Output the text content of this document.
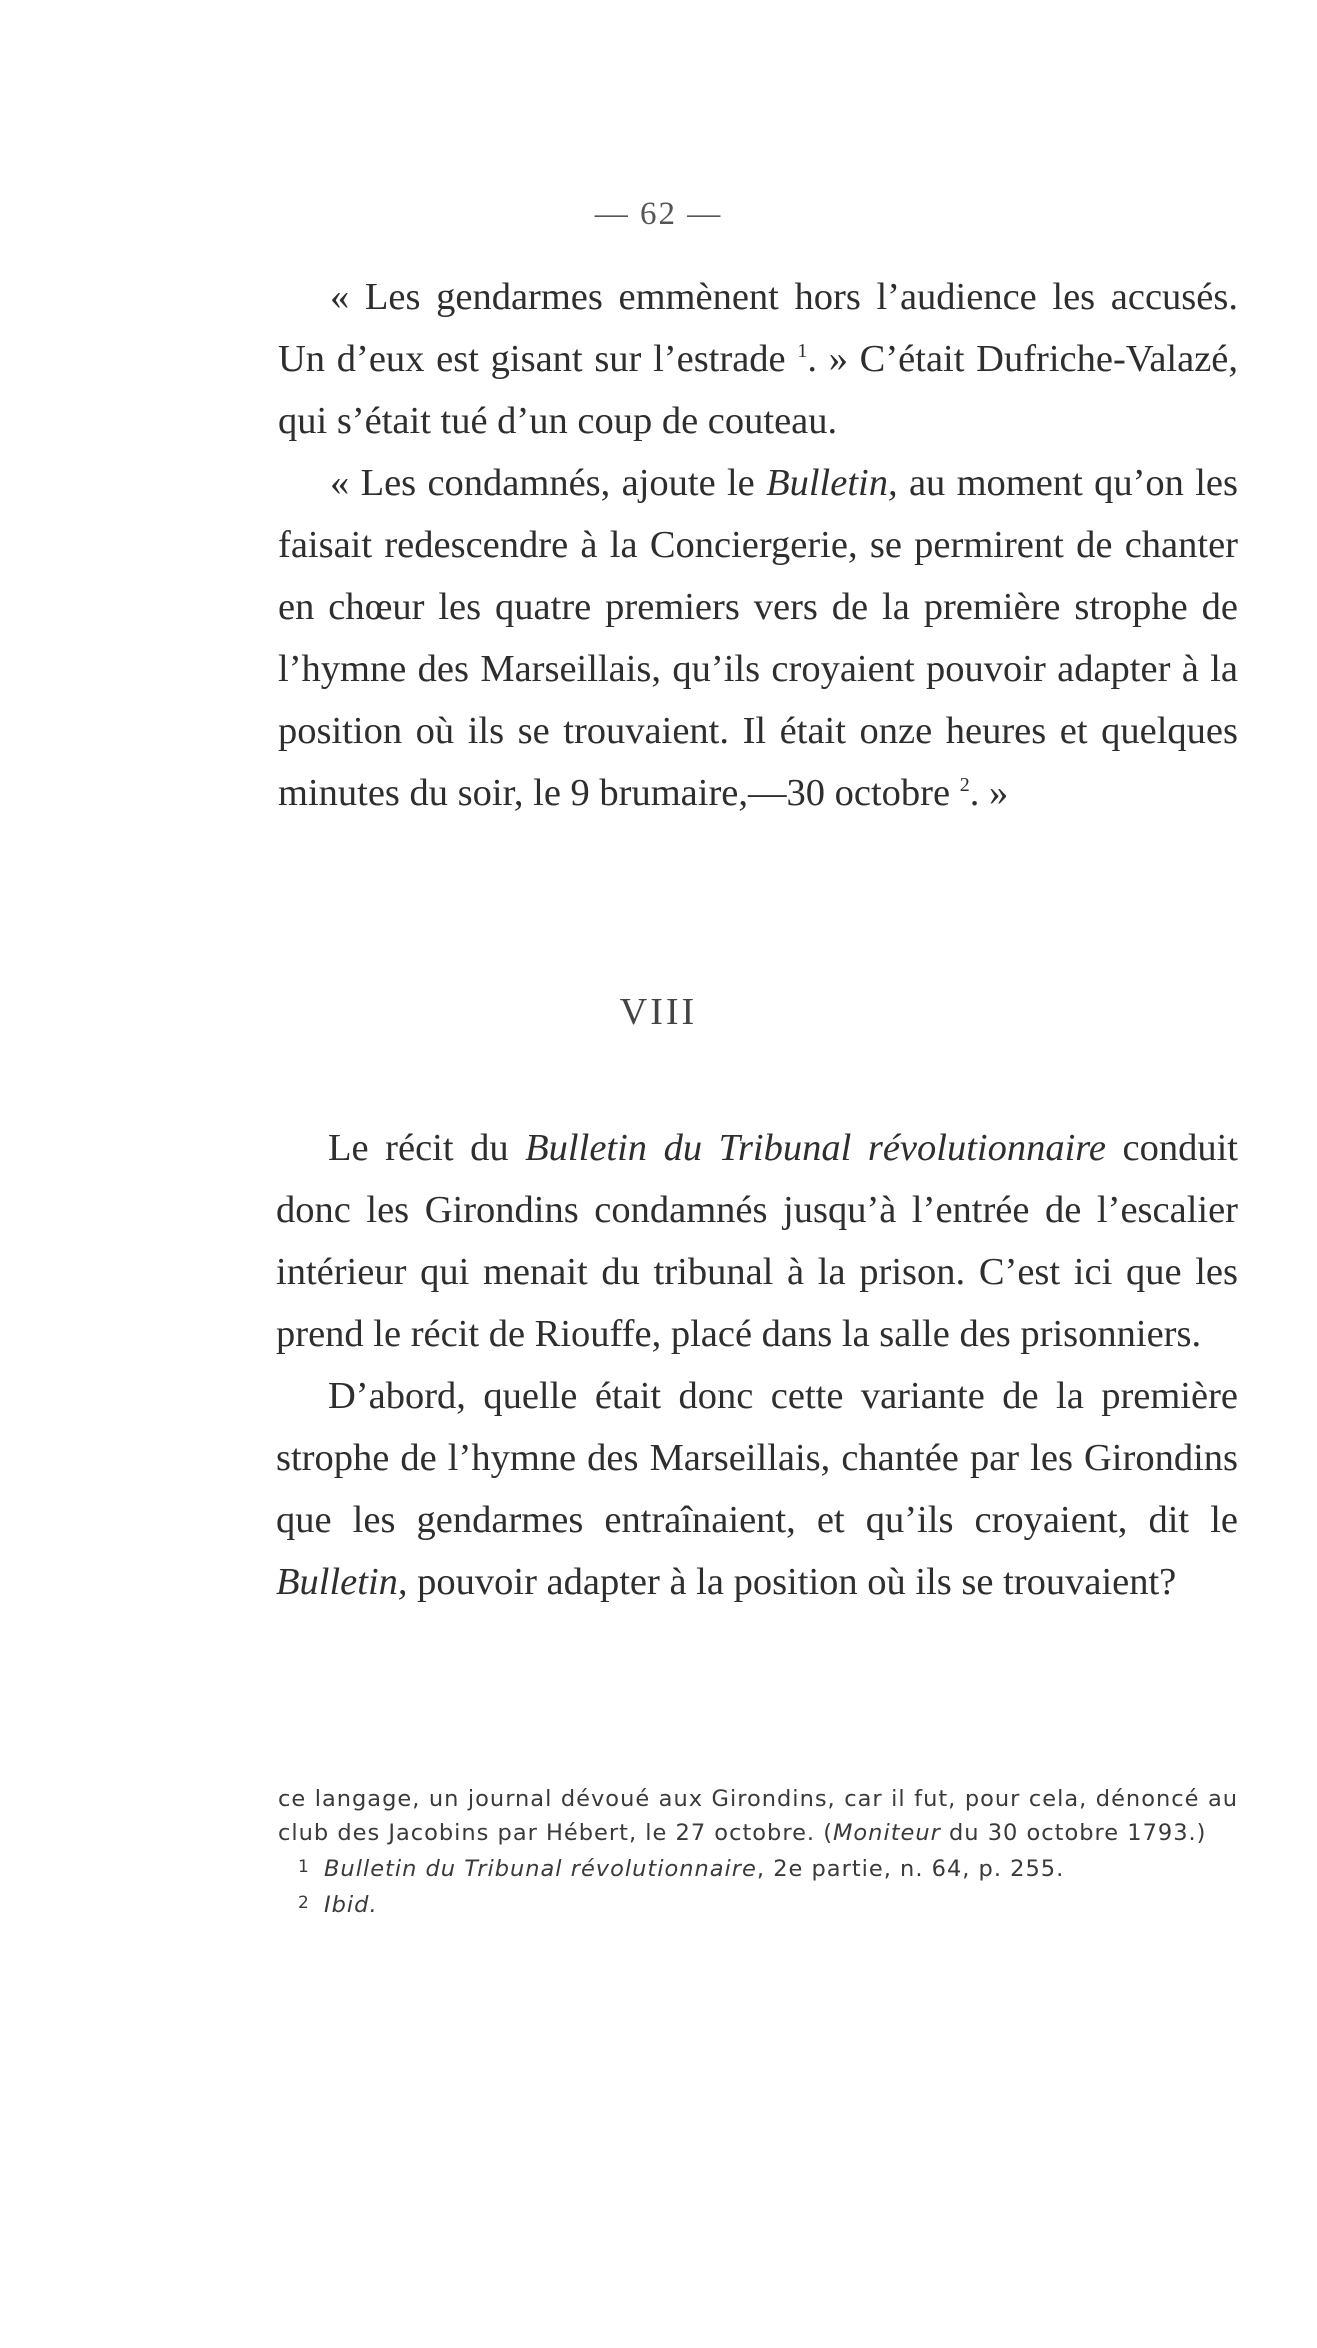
— 62 —

« Les gendarmes emmènent hors l’audience les accusés. Un d’eux est gisant sur l’estrade $^1$. » C’était Dufriche-Valazé, qui s’était tué d’un coup de couteau.

« Les condamnés, ajoute le Bulletin, au moment qu’on les faisait redescendre à la Conciergerie, se permirent de chanter en chœur les quatre premiers vers de la première strophe de l’hymne des Marseillais, qu’ils croyaient pouvoir adapter à la position où ils se trouvaient. Il était onze heures et quelques minutes du soir, le 9 brumaire,—30 octobre $^2$. »

VIII

Le récit du Bulletin du Tribunal révolutionnaire conduit donc les Girondins condamnés jusqu’à l’entrée de l’escalier intérieur qui menait du tribunal à la prison. C’est ici que les prend le récit de Riouffe, placé dans la salle des prisonniers.

D’abord, quelle était donc cette variante de la première strophe de l’hymne des Marseillais, chantée par les Girondins que les gendarmes entraînaient, et qu’ils croyaient, dit le Bulletin, pouvoir adapter à la position où ils se trouvaient?

ce langage, un journal dévoué aux Girondins, car il fut, pour cela, dénoncé au club des Jacobins par Hébert, le 27 octobre. (Moniteur du 30 octobre 1793.)

1 Bulletin du Tribunal révolutionnaire, 2e partie, n. 64, p. 255.

2 Ibid.
